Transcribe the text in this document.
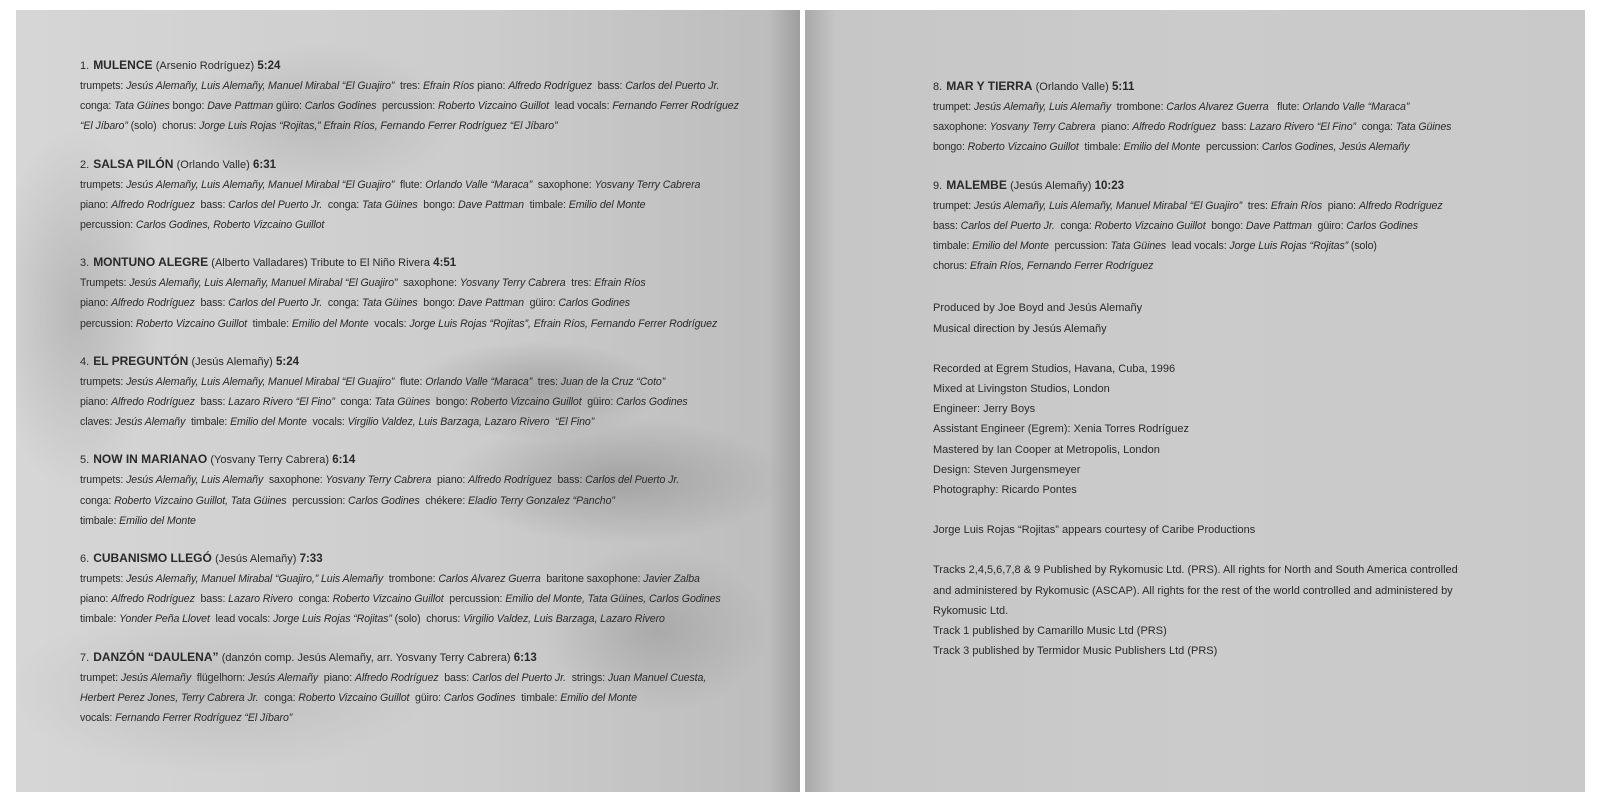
1. MULENCE (Arsenio Rodríguez) 5:24
trumpets: Jesús Alemañy, Luis Alemañy, Manuel Mirabal “El Guajiro”  tres: Efrain Ríos piano: Alfredo Rodríguez  bass: Carlos del Puerto Jr.
conga: Tata Güines bongo: Dave Pattman güiro: Carlos Godines  percussion: Roberto Vizcaino Guillot  lead vocals: Fernando Ferrer Rodríguez
“El Jíbaro” (solo)  chorus: Jorge Luis Rojas “Rojitas,” Efrain Ríos, Fernando Ferrer Rodríguez “El Jíbaro”
2. SALSA PILÓN (Orlando Valle) 6:31
trumpets: Jesús Alemañy, Luis Alemañy, Manuel Mirabal “El Guajiro”  flute: Orlando Valle “Maraca”  saxophone: Yosvany Terry Cabrera
piano: Alfredo Rodríguez  bass: Carlos del Puerto Jr.  conga: Tata Güines  bongo: Dave Pattman  timbale: Emilio del Monte
percussion: Carlos Godines, Roberto Vizcaino Guillot
3. MONTUNO ALEGRE (Alberto Valladares) Tribute to El Niño Rivera 4:51
Trumpets: Jesús Alemañy, Luis Alemañy, Manuel Mirabal “El Guajiro”  saxophone: Yosvany Terry Cabrera  tres: Efrain Ríos
piano: Alfredo Rodríguez  bass: Carlos del Puerto Jr.  conga: Tata Güines  bongo: Dave Pattman  güiro: Carlos Godines
percussion: Roberto Vizcaino Guillot  timbale: Emilio del Monte  vocals: Jorge Luis Rojas “Rojitas”, Efrain Ríos, Fernando Ferrer Rodríguez
4. EL PREGUNTÓN (Jesús Alemañy) 5:24
trumpets: Jesús Alemañy, Luis Alemañy, Manuel Mirabal “El Guajiro”  flute: Orlando Valle “Maraca”  tres: Juan de la Cruz “Coto”
piano: Alfredo Rodríguez  bass: Lazaro Rivero “El Fino”  conga: Tata Güines  bongo: Roberto Vizcaino Guillot  güiro: Carlos Godines
claves: Jesús Alemañy  timbale: Emilio del Monte  vocals: Virgilio Valdez, Luis Barzaga, Lazaro Rivero  “El Fino”
5. NOW IN MARIANAO (Yosvany Terry Cabrera) 6:14
trumpets: Jesús Alemañy, Luis Alemañy  saxophone: Yosvany Terry Cabrera  piano: Alfredo Rodríguez  bass: Carlos del Puerto Jr.
conga: Roberto Vizcaino Guillot, Tata Güines  percussion: Carlos Godines  chékere: Eladio Terry Gonzalez “Pancho”
timbale: Emilio del Monte
6. CUBANISMO LLEGÓ (Jesús Alemañy) 7:33
trumpets: Jesús Alemañy, Manuel Mirabal “Guajiro,” Luis Alemañy  trombone: Carlos Alvarez Guerra  baritone saxophone: Javier Zalba
piano: Alfredo Rodríguez  bass: Lazaro Rivero  conga: Roberto Vizcaino Guillot  percussion: Emilio del Monte, Tata Güines, Carlos Godines
timbale: Yonder Peña Llovet  lead vocals: Jorge Luis Rojas “Rojitas” (solo)  chorus: Virgilio Valdez, Luis Barzaga, Lazaro Rivero
7. DANZÓN “DAULENA” (danzón comp. Jesús Alemañy, arr. Yosvany Terry Cabrera) 6:13
trumpet: Jesús Alemañy  flügelhorn: Jesús Alemañy  piano: Alfredo Rodríguez  bass: Carlos del Puerto Jr.  strings: Juan Manuel Cuesta,
Herbert Perez Jones, Terry Cabrera Jr.  conga: Roberto Vizcaino Guillot  güiro: Carlos Godines  timbale: Emilio del Monte
vocals: Fernando Ferrer Rodríguez “El Jíbaro”
8. MAR Y TIERRA (Orlando Valle) 5:11
trumpet: Jesús Alemañy, Luis Alemañy  trombone: Carlos Alvarez Guerra   flute: Orlando Valle “Maraca”
saxophone: Yosvany Terry Cabrera  piano: Alfredo Rodríguez  bass: Lazaro Rivero “El Fino”  conga: Tata Güines
bongo: Roberto Vizcaino Guillot  timbale: Emilio del Monte  percussion: Carlos Godines, Jesús Alemañy
9. MALEMBE (Jesús Alemañy) 10:23
trumpet: Jesús Alemañy, Luis Alemañy, Manuel Mirabal “El Guajiro”  tres: Efrain Ríos  piano: Alfredo Rodríguez
bass: Carlos del Puerto Jr.  conga: Roberto Vizcaino Guillot  bongo: Dave Pattman  güiro: Carlos Godines
timbale: Emilio del Monte  percussion: Tata Güines  lead vocals: Jorge Luis Rojas “Rojitas” (solo)
chorus: Efrain Ríos, Fernando Ferrer Rodríguez
Produced by Joe Boyd and Jesús Alemañy
Musical direction by Jesús Alemañy
Recorded at Egrem Studios, Havana, Cuba, 1996
Mixed at Livingston Studios, London
Engineer: Jerry Boys
Assistant Engineer (Egrem): Xenia Torres Rodríguez
Mastered by Ian Cooper at Metropolis, London
Design: Steven Jurgensmeyer
Photography: Ricardo Pontes
Jorge Luis Rojas “Rojitas” appears courtesy of Caribe Productions
Tracks 2,4,5,6,7,8 & 9 Published by Rykomusic Ltd. (PRS). All rights for North and South America controlled
and administered by Rykomusic (ASCAP). All rights for the rest of the world controlled and administered by
Rykomusic Ltd.
Track 1 published by Camarillo Music Ltd (PRS)
Track 3 published by Termidor Music Publishers Ltd (PRS)
